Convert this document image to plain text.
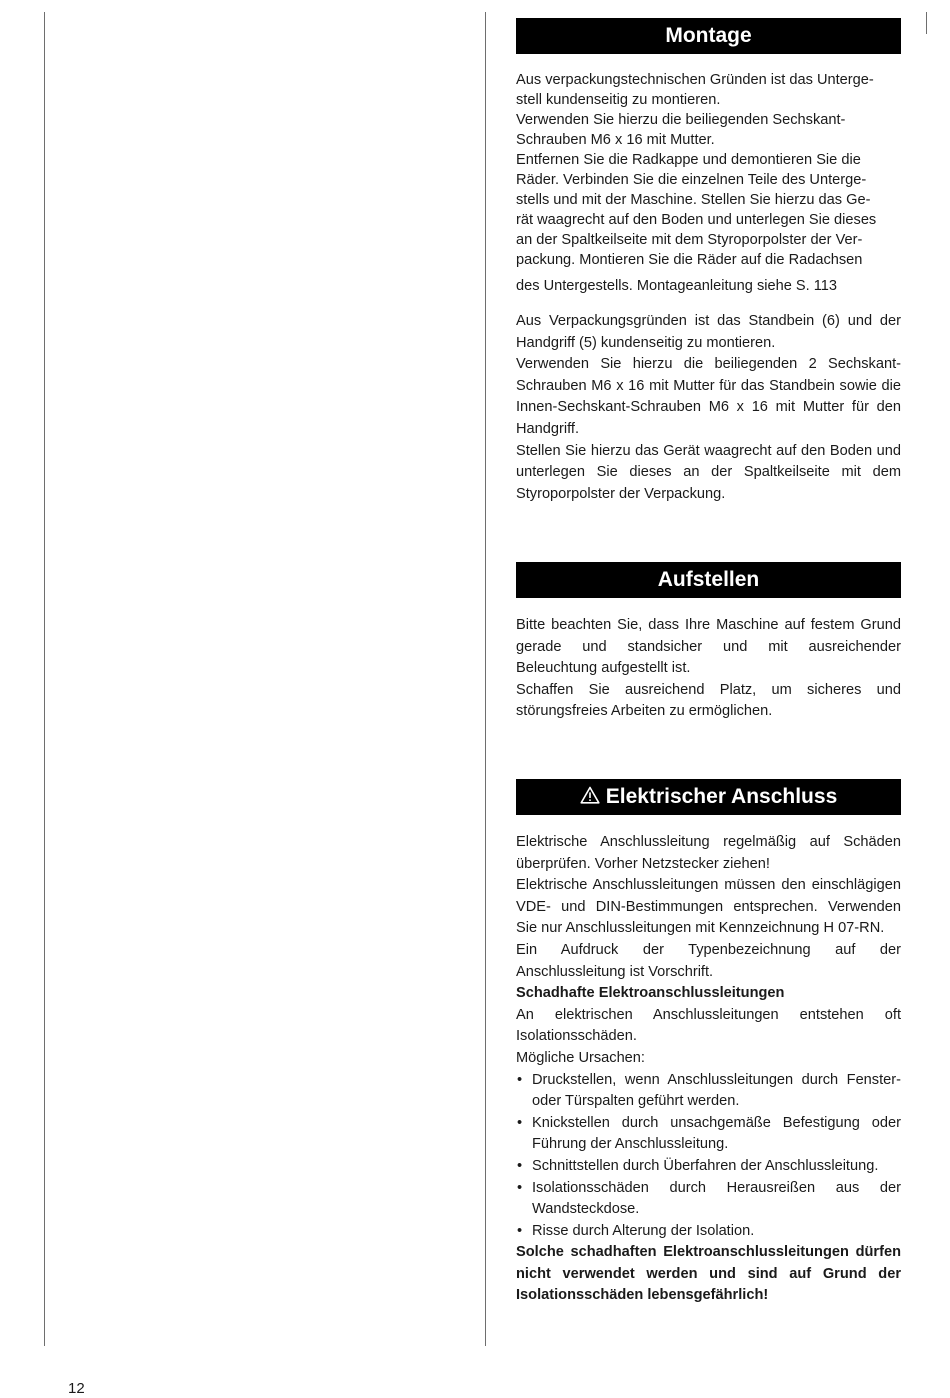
Montage

Aus verpackungstechnischen Gründen ist das Unterge-

stell kundenseitig zu montieren.

Verwenden Sie hierzu die beiliegenden Sechskant-

Schrauben M6 x 16 mit Mutter.

Entfernen Sie die Radkappe und demontieren Sie die

Räder. Verbinden Sie die einzelnen Teile des Unterge-

stells und mit der Maschine. Stellen Sie hierzu das Ge-

rät waagrecht auf den Boden und unterlegen Sie dieses

an der Spaltkeilseite mit dem Styroporpolster der Ver-

packung. Montieren Sie die Räder auf die Radachsen

des Untergestells. Montageanleitung siehe S. 113

Aus Verpackungsgründen ist das Standbein (6) und der Handgriff (5) kundenseitig zu montieren.

Verwenden Sie hierzu die beiliegenden 2 Sechskant-Schrauben M6 x 16 mit Mutter für das Standbein sowie die Innen-Sechskant-Schrauben M6 x 16 mit Mutter für den Handgriff.

Stellen Sie hierzu das Gerät waagrecht auf den Boden und unterlegen Sie dieses an der Spaltkeilseite mit dem Styroporpolster der Verpackung.

Aufstellen

Bitte beachten Sie, dass Ihre Maschine auf festem Grund gerade und standsicher und mit ausreichender Beleuchtung aufgestellt ist.

Schaffen Sie ausreichend Platz, um sicheres und störungsfreies Arbeiten zu ermöglichen.

Elektrischer Anschluss

Elektrische Anschlussleitung regelmäßig auf Schäden überprüfen. Vorher Netzstecker ziehen!

Elektrische Anschlussleitungen müssen den einschlägigen VDE- und DIN-Bestimmungen entsprechen. Verwenden Sie nur Anschlussleitungen mit Kennzeichnung H 07-RN.

Ein Aufdruck der Typenbezeichnung auf der Anschlussleitung ist Vorschrift.

Schadhafte Elektroanschlussleitungen

An elektrischen Anschlussleitungen entstehen oft Isolationsschäden.

Mögliche Ursachen:

• Druckstellen, wenn Anschlussleitungen durch Fenster- oder Türspalten geführt werden.
• Knickstellen durch unsachgemäße Befestigung oder Führung der Anschlussleitung.
• Schnittstellen durch Überfahren der Anschlussleitung.
• Isolationsschäden durch Herausreißen aus der Wandsteckdose.
• Risse durch Alterung der Isolation.

Solche schadhaften Elektroanschlussleitungen dürfen nicht verwendet werden und sind auf Grund der Isolationsschäden lebensgefährlich!

12
